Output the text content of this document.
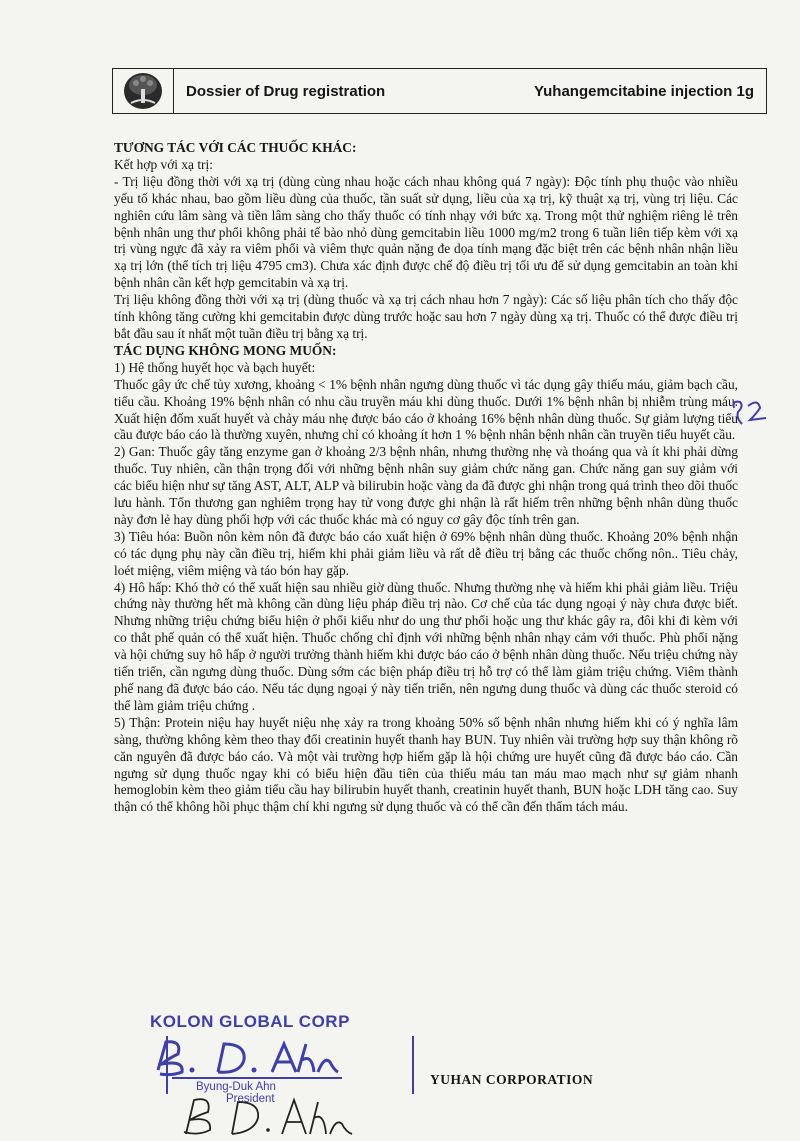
Dossier of Drug registration	Yuhangemcitabine injection 1g

TƯƠNG TÁC VỚI CÁC THUỐC KHÁC:

Kết hợp với xạ trị:

- Trị liệu đồng thời với xạ trị (dùng cùng nhau hoặc cách nhau không quá 7 ngày): Độc tính phụ thuộc vào nhiều yếu tố khác nhau, bao gồm liều dùng của thuốc, tần suất sử dụng, liều của xạ trị, kỹ thuật xạ trị, vùng trị liệu. Các nghiên cứu lâm sàng và tiền lâm sàng cho thấy thuốc có tính nhạy với bức xạ. Trong một thử nghiệm riêng lẻ trên bệnh nhân ung thư phổi không phải tế bào nhỏ dùng gemcitabin liều 1000 mg/m2 trong 6 tuần liên tiếp kèm với xạ trị vùng ngực đã xảy ra viêm phổi và viêm thực quản nặng đe dọa tính mạng đặc biệt trên các bệnh nhân nhận liều xạ trị lớn (thể tích trị liệu 4795 cm3). Chưa xác định được chế độ điều trị tối ưu để sử dụng gemcitabin an toàn khi bệnh nhân cần kết hợp gemcitabin và xạ trị.

Trị liệu không đồng thời với xạ trị (dùng thuốc và xạ trị cách nhau hơn 7 ngày): Các số liệu phân tích cho thấy độc tính không tăng cường khi gemcitabin được dùng trước hoặc sau hơn 7 ngày dùng xạ trị. Thuốc có thể được điều trị bắt đầu sau ít nhất một tuần điều trị bằng xạ trị.

TÁC DỤNG KHÔNG MONG MUỐN:

1) Hệ thống huyết học và bạch huyết:

Thuốc gây ức chế tủy xương, khoảng < 1% bệnh nhân ngưng dùng thuốc vì tác dụng gây thiếu máu, giảm bạch cầu, tiểu cầu. Khoảng 19% bệnh nhân có nhu cầu truyền máu khi dùng thuốc. Dưới 1% bệnh nhân bị nhiễm trùng máu. Xuất hiện đốm xuất huyết và chảy máu nhẹ được báo cáo ở khoảng 16% bệnh nhân dùng thuốc. Sự giảm lượng tiểu cầu được báo cáo là thường xuyên, nhưng chỉ có khoảng ít hơn 1 % bệnh nhân bệnh nhân cần truyền tiểu huyết cầu.

2) Gan: Thuốc gây tăng enzyme gan ở khoảng 2/3 bệnh nhân, nhưng thường nhẹ và thoáng qua và ít khi phải dừng thuốc. Tuy nhiên, cần thận trọng đối với những bệnh nhân suy giảm chức năng gan. Chức năng gan suy giảm với các biểu hiện như sự tăng AST, ALT, ALP và bilirubin hoặc vàng da đã được ghi nhận trong quá trình theo dõi thuốc lưu hành. Tổn thương gan nghiêm trọng hay tử vong được ghi nhận là rất hiếm trên những bệnh nhân dùng thuốc này đơn lẻ hay dùng phối hợp với các thuốc khác mà có nguy cơ gây độc tính trên gan.

3) Tiêu hóa: Buồn nôn kèm nôn đã được báo cáo xuất hiện ở 69% bệnh nhân dùng thuốc. Khoảng 20% bệnh nhận có tác dụng phụ này cần điều trị, hiếm khi phải giảm liều và rất dễ điều trị bằng các thuốc chống nôn.. Tiêu chảy, loét miệng, viêm miệng và táo bón hay gặp.

4) Hô hấp: Khó thở có thể xuất hiện sau nhiều giờ dùng thuốc. Nhưng thường nhẹ và hiếm khi phải giảm liều. Triệu chứng này thường hết mà không cần dùng liệu pháp điều trị nào. Cơ chế của tác dụng ngoại ý này chưa được biết. Nhưng những triệu chứng biểu hiện ở phổi kiểu như do ung thư phổi hoặc ung thư khác gây ra, đôi khi đi kèm với co thắt phế quản có thể xuất hiện. Thuốc chống chỉ định với những bệnh nhân nhạy cảm với thuốc. Phù phổi nặng và hội chứng suy hô hấp ở người trưởng thành hiếm khi được báo cáo ở bệnh nhân dùng thuốc. Nếu triệu chứng này tiến triển, cần ngưng dùng thuốc. Dùng sớm các biện pháp điều trị hỗ trợ có thể làm giảm triệu chứng. Viêm thành phế nang đã được báo cáo. Nếu tác dụng ngoại ý này tiến triển, nên ngưng dung thuốc và dùng các thuốc steroid có thể làm giảm triệu chứng .

5) Thận: Protein niệu hay huyết niệu nhẹ xảy ra trong khoảng 50% số bệnh nhân nhưng hiếm khi có ý nghĩa lâm sàng, thường không kèm theo thay đổi creatinin huyết thanh hay BUN. Tuy nhiên vài trường hợp suy thận không rõ căn nguyên đã được báo cáo. Và một vài trường hợp hiếm gặp là hội chứng ure huyết cũng đã được báo cáo. Cần ngưng sử dụng thuốc ngay khi có biểu hiện đầu tiên của thiếu máu tan máu mao mạch như sự giảm nhanh hemoglobin kèm theo giảm tiểu cầu hay bilirubin huyết thanh, creatinin huyết thanh, BUN hoặc LDH tăng cao. Suy thận có thể không hồi phục thậm chí khi ngưng sử dụng thuốc và có thể cần đến thẩm tách máu.

KOLON GLOBAL CORP
Byung-Duk Ahn
President
YUHAN CORPORATION
